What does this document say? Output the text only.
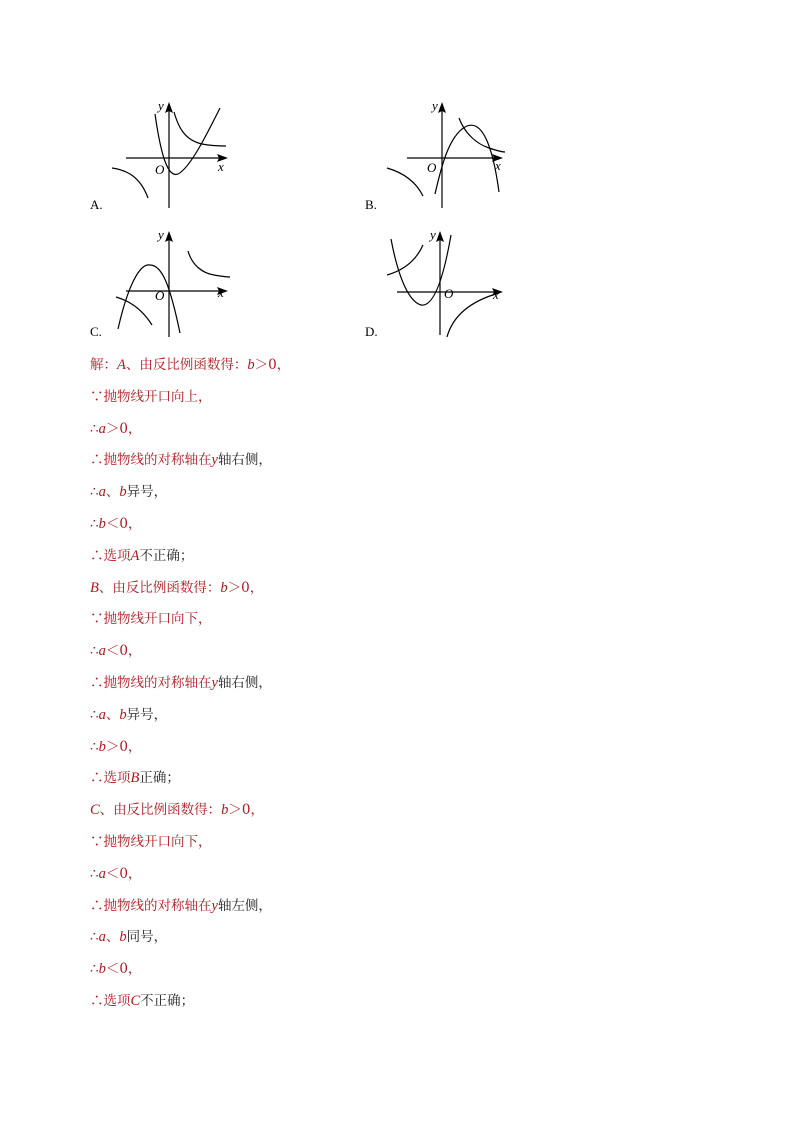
y
x
O
A.
y
x
O
B.
y
x
O
C.
y
x
O
D.
解：A、由反比例函数得：b＞0，
∵抛物线开口向上，
∴a＞0，
∴抛物线的对称轴在y轴右侧，
∴a、b异号，
∴b＜0，
∴选项A不正确；
B、由反比例函数得：b＞0，
∵抛物线开口向下，
∴a＜0，
∴抛物线的对称轴在y轴右侧，
∴a、b异号，
∴b＞0，
∴选项B正确；
C、由反比例函数得：b＞0，
∵抛物线开口向下，
∴a＜0，
∴抛物线的对称轴在y轴左侧，
∴a、b同号，
∴b＜0，
∴选项C不正确；
